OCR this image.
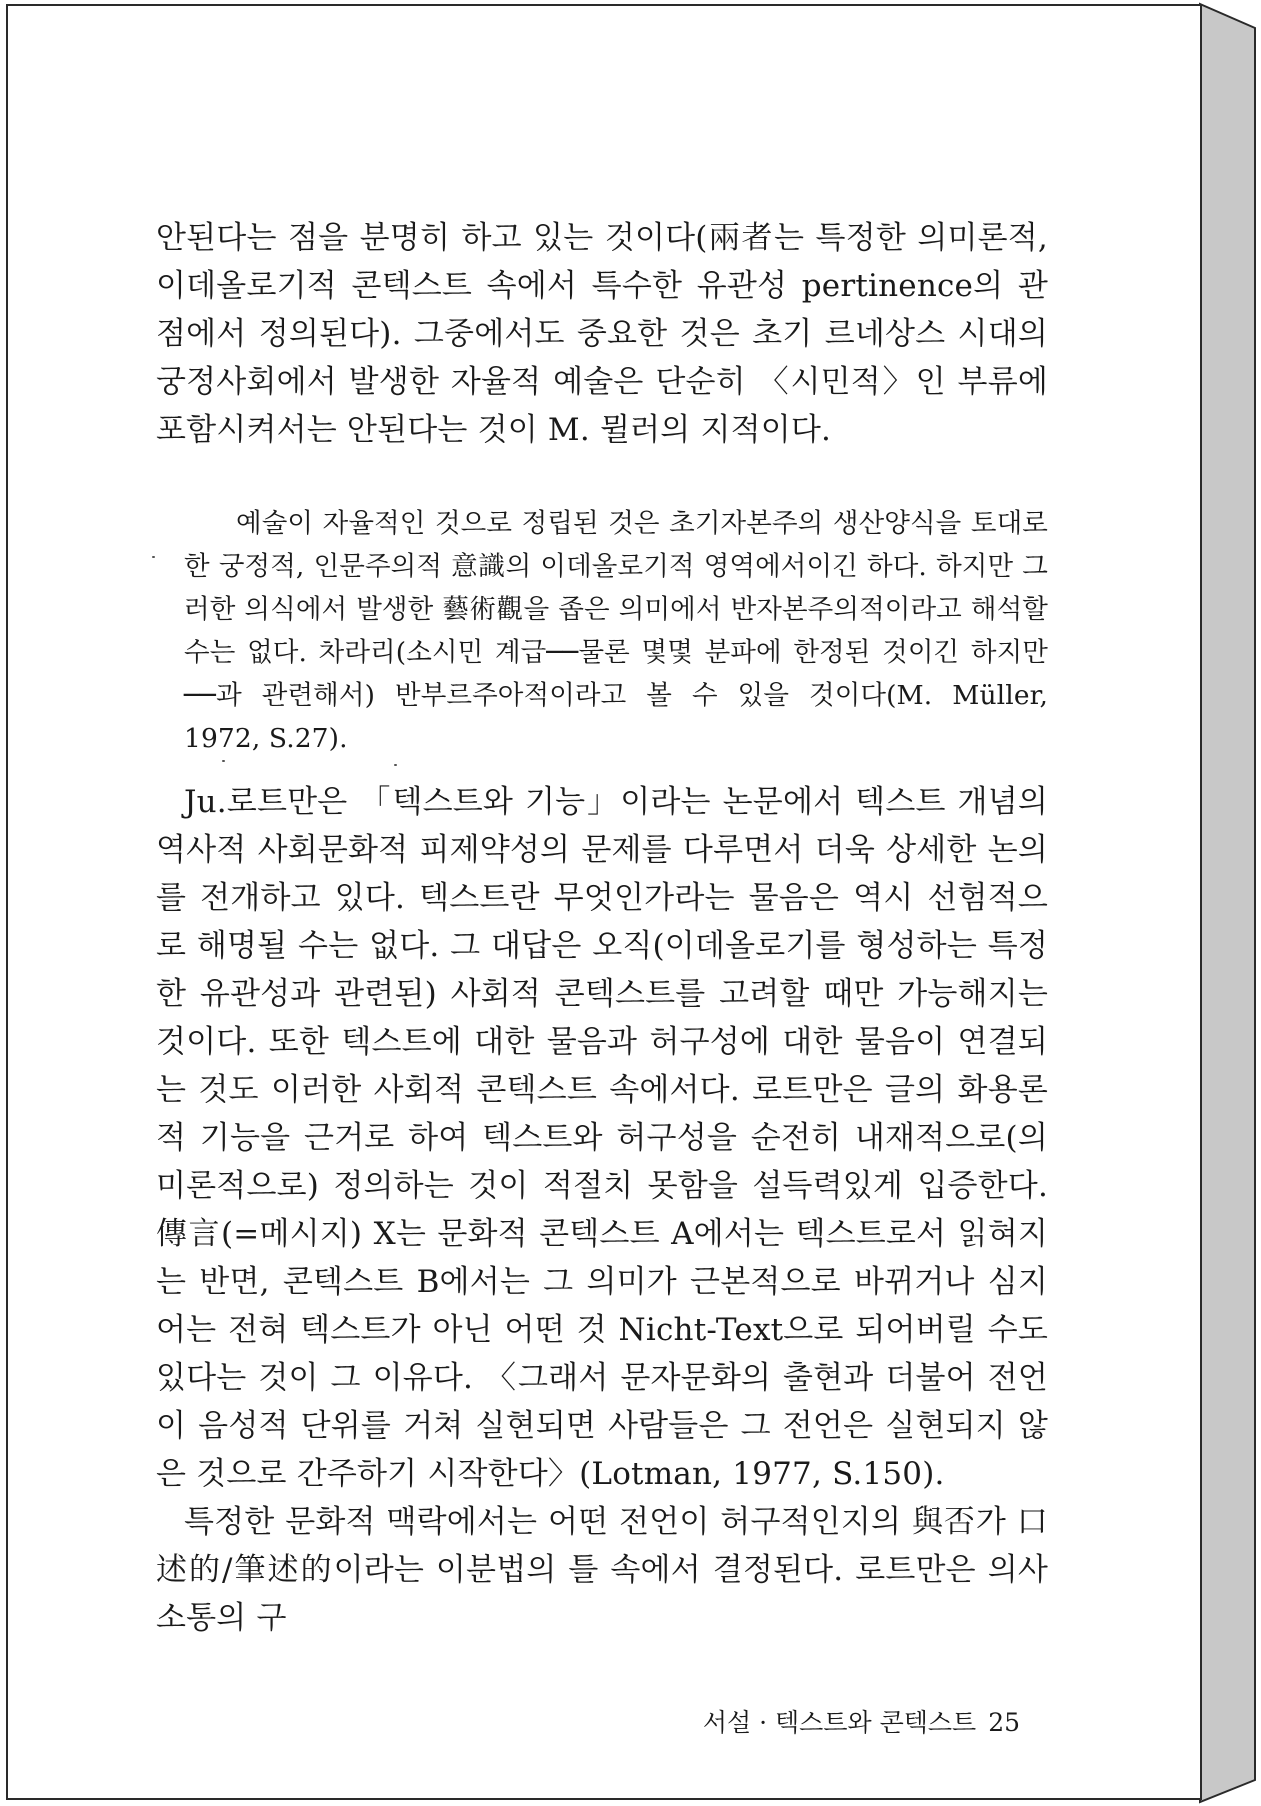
안된다는 점을 분명히 하고 있는 것이다(兩者는 특정한 의미론적, 이데올로기적 콘텍스트 속에서 특수한 유관성 pertinence의 관점에서 정의된다). 그중에서도 중요한 것은 초기 르네상스 시대의 궁정사회에서 발생한 자율적 예술은 단순히 〈시민적〉인 부류에 포함시켜서는 안된다는 것이 M. 뮐러의 지적이다.

예술이 자율적인 것으로 정립된 것은 초기자본주의 생산양식을 토대로 한 궁정적, 인문주의적 意識의 이데올로기적 영역에서이긴 하다. 하지만 그러한 의식에서 발생한 藝術觀을 좁은 의미에서 반자본주의적이라고 해석할 수는 없다. 차라리(소시민 계급──물론 몇몇 분파에 한정된 것이긴 하지만──과 관련해서) 반부르주아적이라고 볼 수 있을 것이다(M. Müller, 1972, S.27).

Ju.로트만은 「텍스트와 기능」이라는 논문에서 텍스트 개념의 역사적 사회문화적 피제약성의 문제를 다루면서 더욱 상세한 논의를 전개하고 있다. 텍스트란 무엇인가라는 물음은 역시 선험적으로 해명될 수는 없다. 그 대답은 오직(이데올로기를 형성하는 특정한 유관성과 관련된) 사회적 콘텍스트를 고려할 때만 가능해지는 것이다. 또한 텍스트에 대한 물음과 허구성에 대한 물음이 연결되는 것도 이러한 사회적 콘텍스트 속에서다. 로트만은 글의 화용론적 기능을 근거로 하여 텍스트와 허구성을 순전히 내재적으로(의미론적으로) 정의하는 것이 적절치 못함을 설득력있게 입증한다. 傳言(=메시지) X는 문화적 콘텍스트 A에서는 텍스트로서 읽혀지는 반면, 콘텍스트 B에서는 그 의미가 근본적으로 바뀌거나 심지어는 전혀 텍스트가 아닌 어떤 것 Nicht-Text으로 되어버릴 수도 있다는 것이 그 이유다. 〈그래서 문자문화의 출현과 더불어 전언이 음성적 단위를 거쳐 실현되면 사람들은 그 전언은 실현되지 않은 것으로 간주하기 시작한다〉(Lotman, 1977, S.150).

특정한 문화적 맥락에서는 어떤 전언이 허구적인지의 與否가 口述的/筆述的이라는 이분법의 틀 속에서 결정된다. 로트만은 의사소통의 구

서설 · 텍스트와 콘텍스트 25
